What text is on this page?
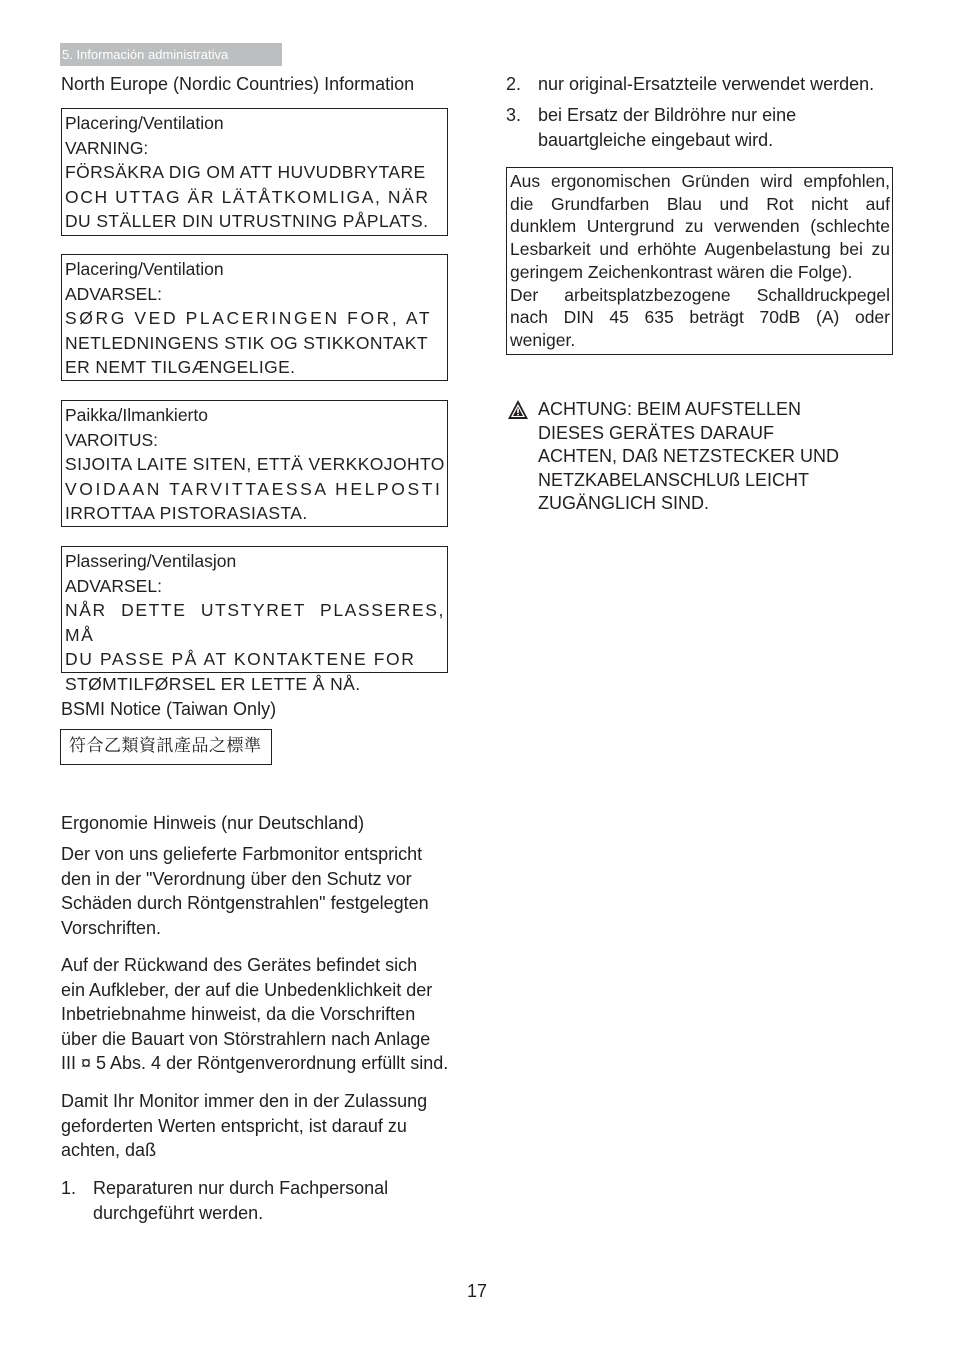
5. Información administrativa
North Europe (Nordic Countries) Information
Placering/Ventilation
VARNING:
FÖRSÄKRA DIG OM ATT HUVUDBRYTARE
OCH UTTAG ÄR LÄTÅTKOMLIGA, NÄR
DU STÄLLER DIN UTRUSTNING PÅPLATS.
Placering/Ventilation
ADVARSEL:
SØRG VED PLACERINGEN FOR, AT
NETLEDNINGENS STIK OG STIKKONTAKT
ER NEMT TILGÆNGELIGE.
Paikka/Ilmankierto
VAROITUS:
SIJOITA LAITE SITEN, ETTÄ VERKKOJOHTO
VOIDAAN TARVITTAESSA HELPOSTI
IRROTTAA PISTORASIASTA.
Plassering/Ventilasjon
ADVARSEL:
NÅR DETTE UTSTYRET PLASSERES, MÅ
DU PASSE PÅ AT KONTAKTENE FOR
STØMTILFØRSEL ER LETTE Å NÅ.
BSMI Notice (Taiwan Only)
符合乙類資訊產品之標準
Ergonomie Hinweis (nur Deutschland)
Der von uns gelieferte Farbmonitor entspricht
den in der "Verordnung über den Schutz vor
Schäden durch Röntgenstrahlen" festgelegten
Vorschriften.
Auf der Rückwand des Gerätes befindet sich
ein Aufkleber, der auf die Unbedenklichkeit der
Inbetriebnahme hinweist, da die Vorschriften
über die Bauart von Störstrahlern nach Anlage
III ¤ 5 Abs. 4 der Röntgenverordnung erfüllt sind.
Damit Ihr Monitor immer den in der Zulassung
geforderten Werten entspricht, ist darauf zu
achten, daß
1. Reparaturen nur durch Fachpersonal
durchgeführt werden.
2. nur original-Ersatzteile verwendet werden.
3. bei Ersatz der Bildröhre nur eine
bauartgleiche eingebaut wird.
Aus ergonomischen Gründen wird empfohlen,
die Grundfarben Blau und Rot nicht auf
dunklem Untergrund zu verwenden (schlechte
Lesbarkeit und erhöhte Augenbelastung bei zu
geringem Zeichenkontrast wären die Folge).
Der arbeitsplatzbezogene Schalldruckpegel
nach DIN 45 635 beträgt 70dB (A) oder
weniger.
ACHTUNG: BEIM AUFSTELLEN
DIESES GERÄTES DARAUF
ACHTEN, DAß NETZSTECKER UND
NETZKABELANSCHLUß LEICHT
ZUGÄNGLICH SIND.
17
